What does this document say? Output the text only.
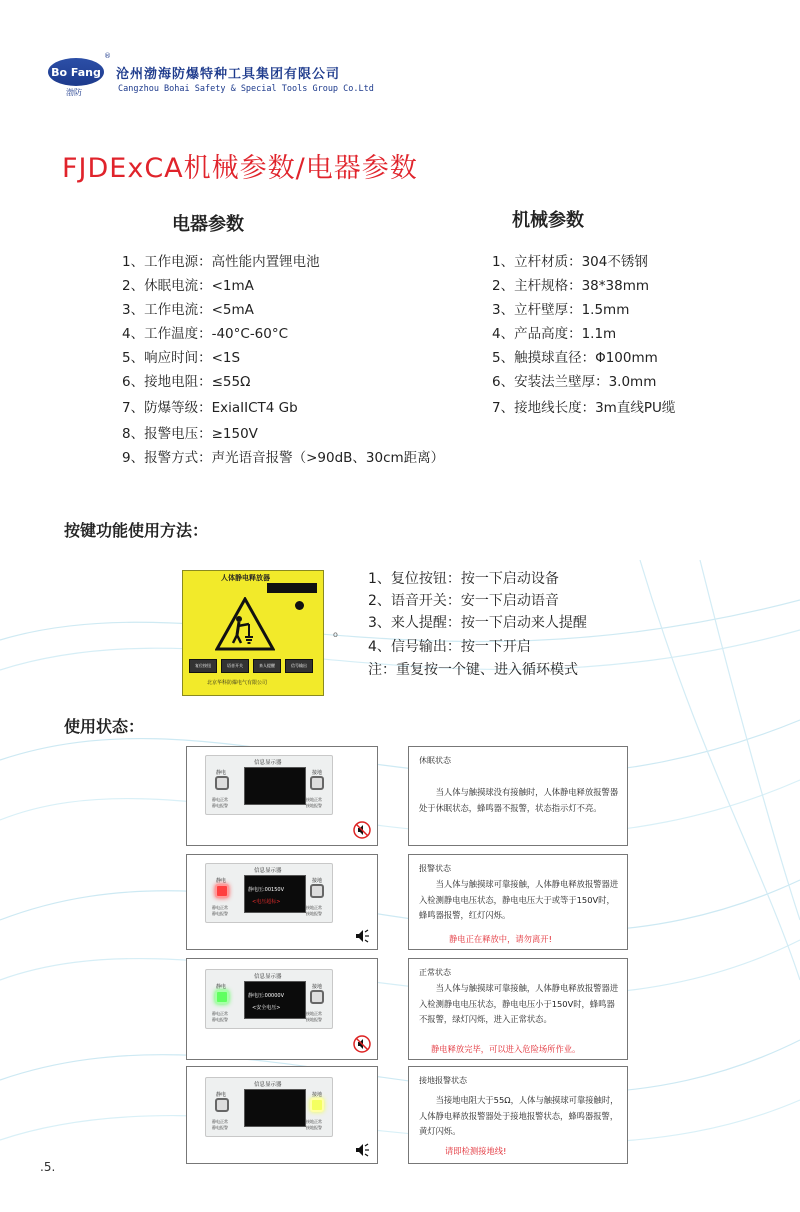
Bo Fang
®
渤防
沧州渤海防爆特种工具集团有限公司
Cangzhou Bohai Safety & Special Tools Group Co.Ltd
FJDExCA机械参数/电器参数
电器参数	机械参数
1、工作电源：高性能内置锂电池
2、休眠电流：<1mA
3、工作电流：<5mA
4、工作温度：-40°C-60°C
5、响应时间：<1S
6、接地电阻：≤55Ω
7、防爆等级：ExiaIICT4 Gb
8、报警电压：≥150V
9、报警方式：声光语音报警（>90dB、30cm距离）
1、立杆材质：304不锈钢
2、主杆规格：38*38mm
3、立杆壁厚：1.5mm
4、产品高度：1.1m
5、触摸球直径：Φ100mm
6、安装法兰壁厚：3.0mm
7、接地线长度：3m直线PU缆
按键功能使用方法：
人体静电释放器
复位按钮	语音开关	来人提醒	信号输出
北京华科防爆电气有限公司
o
1、复位按钮：按一下启动设备
2、语音开关：安一下启动语音
3、来人提醒：按一下启动来人提醒
4、信号输出：按一下开启
注：重复按一个键、进入循环模式
使用状态：
信息显示器
静电	接地
静电正常
静电报警
接地正常
接地报警
休眠状态
当人体与触摸球没有接触时，人体静电释放报警器处于休眠状态，蜂鸣器不报警，状态指示灯不亮。
信息显示器
静电	接地
静电压:00150V
<电压超标>
静电正常
静电报警
接地正常
接地报警
报警状态
当人体与触摸球可靠接触，人体静电释放报警器进入检测静电电压状态，静电电压大于或等于150V时，蜂鸣器报警，红灯闪烁。
静电正在释放中，请勿离开!
信息显示器
静电	接地
静电压:00000V
<安全电压>
静电正常
静电报警
接地正常
接地报警
正常状态
当人体与触摸球可靠接触，人体静电释放报警器进入检测静电电压状态，静电电压小于150V时，蜂鸣器不报警，绿灯闪烁，进入正常状态。
静电释放完毕，可以进入危险场所作业。
信息显示器
静电	接地
静电正常
静电报警
接地正常
接地报警
接地报警状态
当接地电阻大于55Ω，人体与触摸球可靠接触时，人体静电释放报警器处于接地报警状态，蜂鸣器报警，黄灯闪烁。
请即检测接地线!
.5.
